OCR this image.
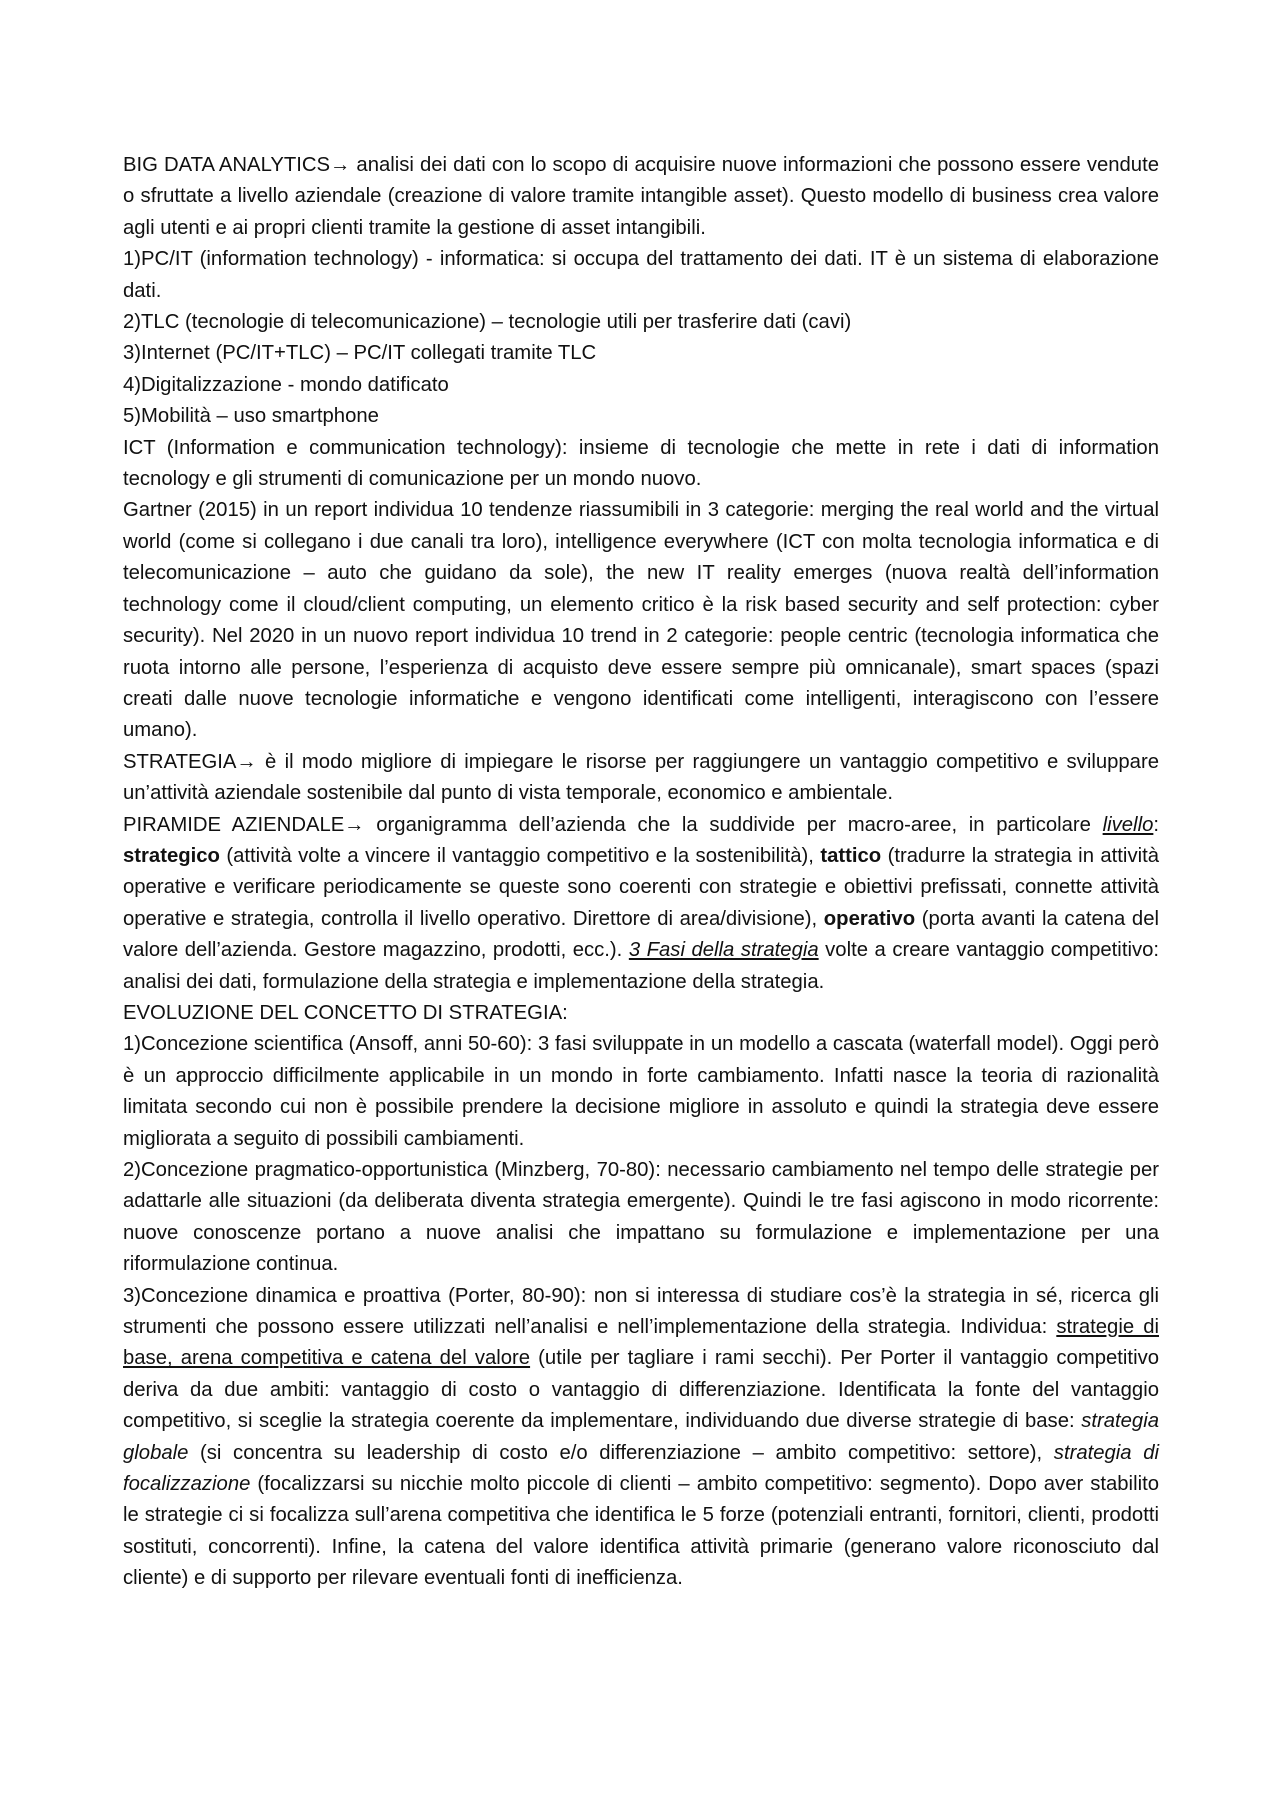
BIG DATA ANALYTICS→ analisi dei dati con lo scopo di acquisire nuove informazioni che possono essere vendute o sfruttate a livello aziendale (creazione di valore tramite intangible asset). Questo modello di business crea valore agli utenti e ai propri clienti tramite la gestione di asset intangibili.

1)PC/IT (information technology) - informatica: si occupa del trattamento dei dati. IT è un sistema di elaborazione dati.

2)TLC (tecnologie di telecomunicazione) – tecnologie utili per trasferire dati (cavi)

3)Internet (PC/IT+TLC) – PC/IT collegati tramite TLC

4)Digitalizzazione - mondo datificato

5)Mobilità – uso smartphone

ICT (Information e communication technology): insieme di tecnologie che mette in rete i dati di information tecnology e gli strumenti di comunicazione per un mondo nuovo.

Gartner (2015) in un report individua 10 tendenze riassumibili in 3 categorie: merging the real world and the virtual world (come si collegano i due canali tra loro), intelligence everywhere (ICT con molta tecnologia informatica e di telecomunicazione – auto che guidano da sole), the new IT reality emerges (nuova realtà dell’information technology come il cloud/client computing, un elemento critico è la risk based security and self protection: cyber security). Nel 2020 in un nuovo report individua 10 trend in 2 categorie: people centric (tecnologia informatica che ruota intorno alle persone, l’esperienza di acquisto deve essere sempre più omnicanale), smart spaces (spazi creati dalle nuove tecnologie informatiche e vengono identificati come intelligenti, interagiscono con l’essere umano).

STRATEGIA→ è il modo migliore di impiegare le risorse per raggiungere un vantaggio competitivo e sviluppare un’attività aziendale sostenibile dal punto di vista temporale, economico e ambientale.

PIRAMIDE AZIENDALE→ organigramma dell’azienda che la suddivide per macro-aree, in particolare livello: strategico (attività volte a vincere il vantaggio competitivo e la sostenibilità), tattico (tradurre la strategia in attività operative e verificare periodicamente se queste sono coerenti con strategie e obiettivi prefissati, connette attività operative e strategia, controlla il livello operativo. Direttore di area/divisione), operativo (porta avanti la catena del valore dell’azienda. Gestore magazzino, prodotti, ecc.). 3 Fasi della strategia volte a creare vantaggio competitivo: analisi dei dati, formulazione della strategia e implementazione della strategia.

EVOLUZIONE DEL CONCETTO DI STRATEGIA:

1)Concezione scientifica (Ansoff, anni 50-60): 3 fasi sviluppate in un modello a cascata (waterfall model). Oggi però è un approccio difficilmente applicabile in un mondo in forte cambiamento. Infatti nasce la teoria di razionalità limitata secondo cui non è possibile prendere la decisione migliore in assoluto e quindi la strategia deve essere migliorata a seguito di possibili cambiamenti.

2)Concezione pragmatico-opportunistica (Minzberg, 70-80): necessario cambiamento nel tempo delle strategie per adattarle alle situazioni (da deliberata diventa strategia emergente). Quindi le tre fasi agiscono in modo ricorrente: nuove conoscenze portano a nuove analisi che impattano su formulazione e implementazione per una riformulazione continua.

3)Concezione dinamica e proattiva (Porter, 80-90): non si interessa di studiare cos’è la strategia in sé, ricerca gli strumenti che possono essere utilizzati nell’analisi e nell’implementazione della strategia. Individua: strategie di base, arena competitiva e catena del valore (utile per tagliare i rami secchi). Per Porter il vantaggio competitivo deriva da due ambiti: vantaggio di costo o vantaggio di differenziazione. Identificata la fonte del vantaggio competitivo, si sceglie la strategia coerente da implementare, individuando due diverse strategie di base: strategia globale (si concentra su leadership di costo e/o differenziazione – ambito competitivo: settore), strategia di focalizzazione (focalizzarsi su nicchie molto piccole di clienti – ambito competitivo: segmento). Dopo aver stabilito le strategie ci si focalizza sull’arena competitiva che identifica le 5 forze (potenziali entranti, fornitori, clienti, prodotti sostituti, concorrenti). Infine, la catena del valore identifica attività primarie (generano valore riconosciuto dal cliente) e di supporto per rilevare eventuali fonti di inefficienza.
